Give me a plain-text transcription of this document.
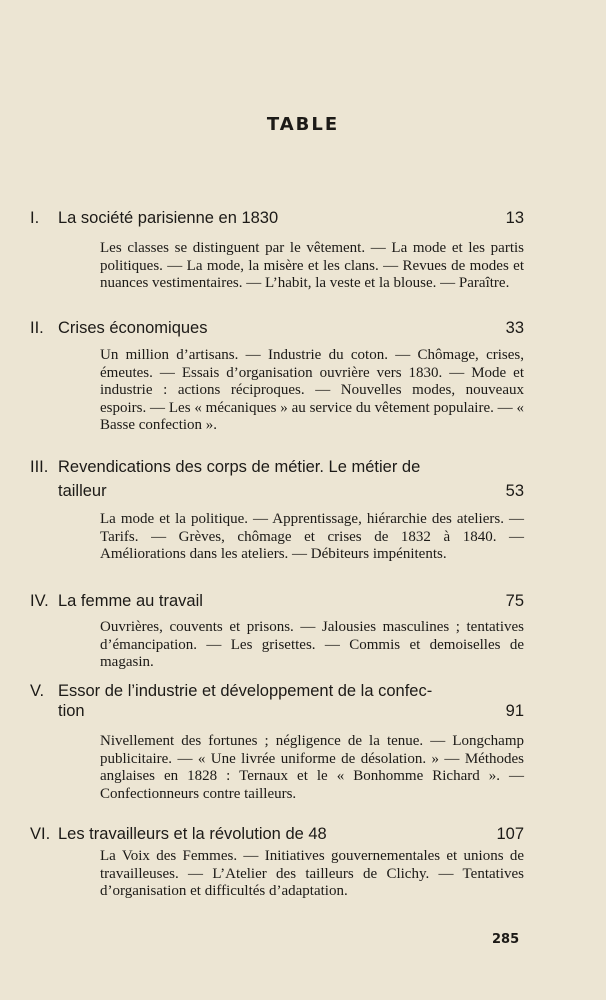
TABLE
I. La société parisienne en 1830	13
Les classes se distinguent par le vêtement. — La mode et les partis politiques. — La mode, la misère et les clans. — Revues de modes et nuances vestimentaires. — L’habit, la veste et la blouse. — Paraître.
II. Crises économiques	33
Un million d’artisans. — Industrie du coton. — Chômage, crises, émeutes. — Essais d’organisation ouvrière vers 1830. — Mode et industrie : actions réciproques. — Nouvelles modes, nouveaux espoirs. — Les « mécaniques » au service du vêtement populaire. — « Basse confection ».
III. Revendications des corps de métier. Le métier de
tailleur	53
La mode et la politique. — Apprentissage, hiérarchie des ateliers. — Tarifs. — Grèves, chômage et crises de 1832 à 1840. — Améliorations dans les ateliers. — Débiteurs impénitents.
IV. La femme au travail	75
Ouvrières, couvents et prisons. — Jalousies masculines ; tentatives d’émancipation. — Les grisettes. — Commis et demoiselles de magasin.
V. Essor de l’industrie et développement de la confec-
tion	91
Nivellement des fortunes ; négligence de la tenue. — Longchamp publicitaire. — « Une livrée uniforme de désolation. » — Méthodes anglaises en 1828 : Ternaux et le « Bonhomme Richard ». — Confectionneurs contre tailleurs.
VI. Les travailleurs et la révolution de 48	107
La Voix des Femmes. — Initiatives gouvernementales et unions de travailleuses. — L’Atelier des tailleurs de Clichy. — Tentatives d’organisation et difficultés d’adaptation.
285
